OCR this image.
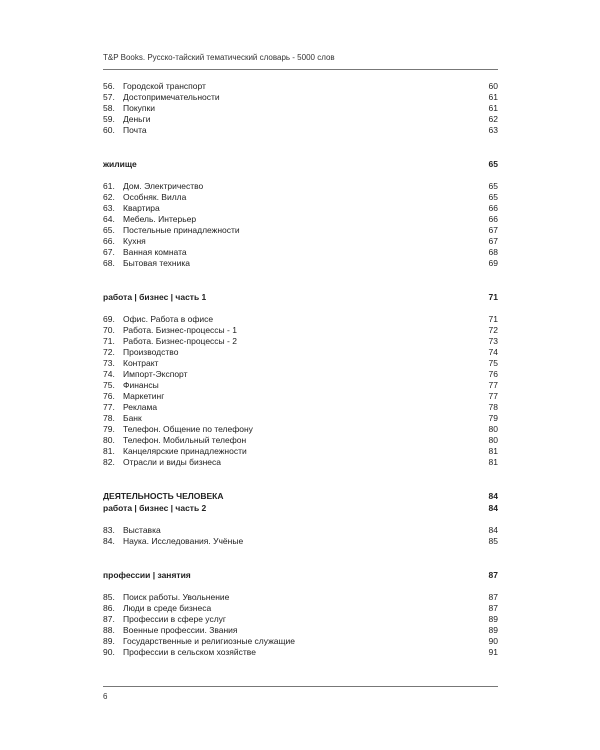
T&P Books. Русско-тайский тематический словарь - 5000 слов
56. Городской транспорт	60
57. Достопримечательности	61
58. Покупки	61
59. Деньги	62
60. Почта	63
жилище	65
61. Дом. Электричество	65
62. Особняк. Вилла	65
63. Квартира	66
64. Мебель. Интерьер	66
65. Постельные принадлежности	67
66. Кухня	67
67. Ванная комната	68
68. Бытовая техника	69
работа | бизнес | часть 1	71
69. Офис. Работа в офисе	71
70. Работа. Бизнес-процессы - 1	72
71. Работа. Бизнес-процессы - 2	73
72. Производство	74
73. Контракт	75
74. Импорт-Экспорт	76
75. Финансы	77
76. Маркетинг	77
77. Реклама	78
78. Банк	79
79. Телефон. Общение по телефону	80
80. Телефон. Мобильный телефон	80
81. Канцелярские принадлежности	81
82. Отрасли и виды бизнеса	81
ДЕЯТЕЛЬНОСТЬ ЧЕЛОВЕКА	84
работа | бизнес | часть 2	84
83. Выставка	84
84. Наука. Исследования. Учёные	85
профессии | занятия	87
85. Поиск работы. Увольнение	87
86. Люди в среде бизнеса	87
87. Профессии в сфере услуг	89
88. Военные профессии. Звания	89
89. Государственные и религиозные служащие	90
90. Профессии в сельском хозяйстве	91
6
